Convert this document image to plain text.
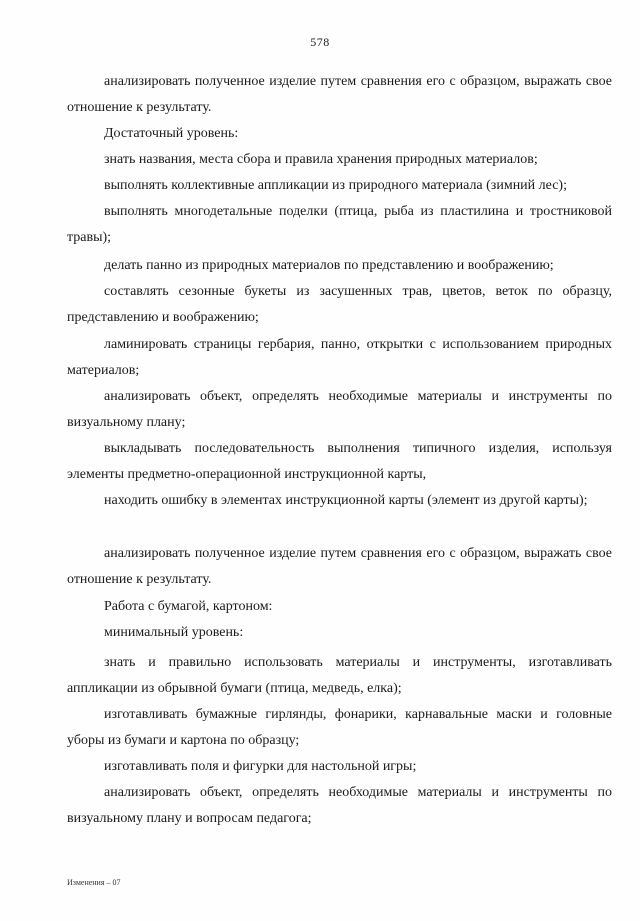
578
анализировать полученное изделие путем сравнения его с образцом, выражать свое отношение к результату.
Достаточный уровень:
знать названия, места сбора и правила хранения природных материалов;
выполнять коллективные аппликации из природного материала (зимний лес);
выполнять многодетальные поделки (птица, рыба из пластилина и тростниковой травы);
делать панно из природных материалов по представлению и воображению;
составлять сезонные букеты из засушенных трав, цветов, веток по образцу, представлению и воображению;
ламинировать страницы гербария, панно, открытки с использованием природных материалов;
анализировать объект, определять необходимые материалы и инструменты по визуальному плану;
выкладывать последовательность выполнения типичного изделия, используя элементы предметно-операционной инструкционной карты,
находить ошибку в элементах инструкционной карты (элемент из другой карты);
анализировать полученное изделие путем сравнения его с образцом, выражать свое отношение к результату.
Работа с бумагой, картоном:
минимальный уровень:
знать и правильно использовать материалы и инструменты, изготавливать аппликации из обрывной бумаги (птица, медведь, елка);
изготавливать бумажные гирлянды, фонарики, карнавальные маски и головные уборы из бумаги и картона по образцу;
изготавливать поля и фигурки для настольной игры;
анализировать объект, определять необходимые материалы и инструменты по визуальному плану и вопросам педагога;
Изменения – 07
